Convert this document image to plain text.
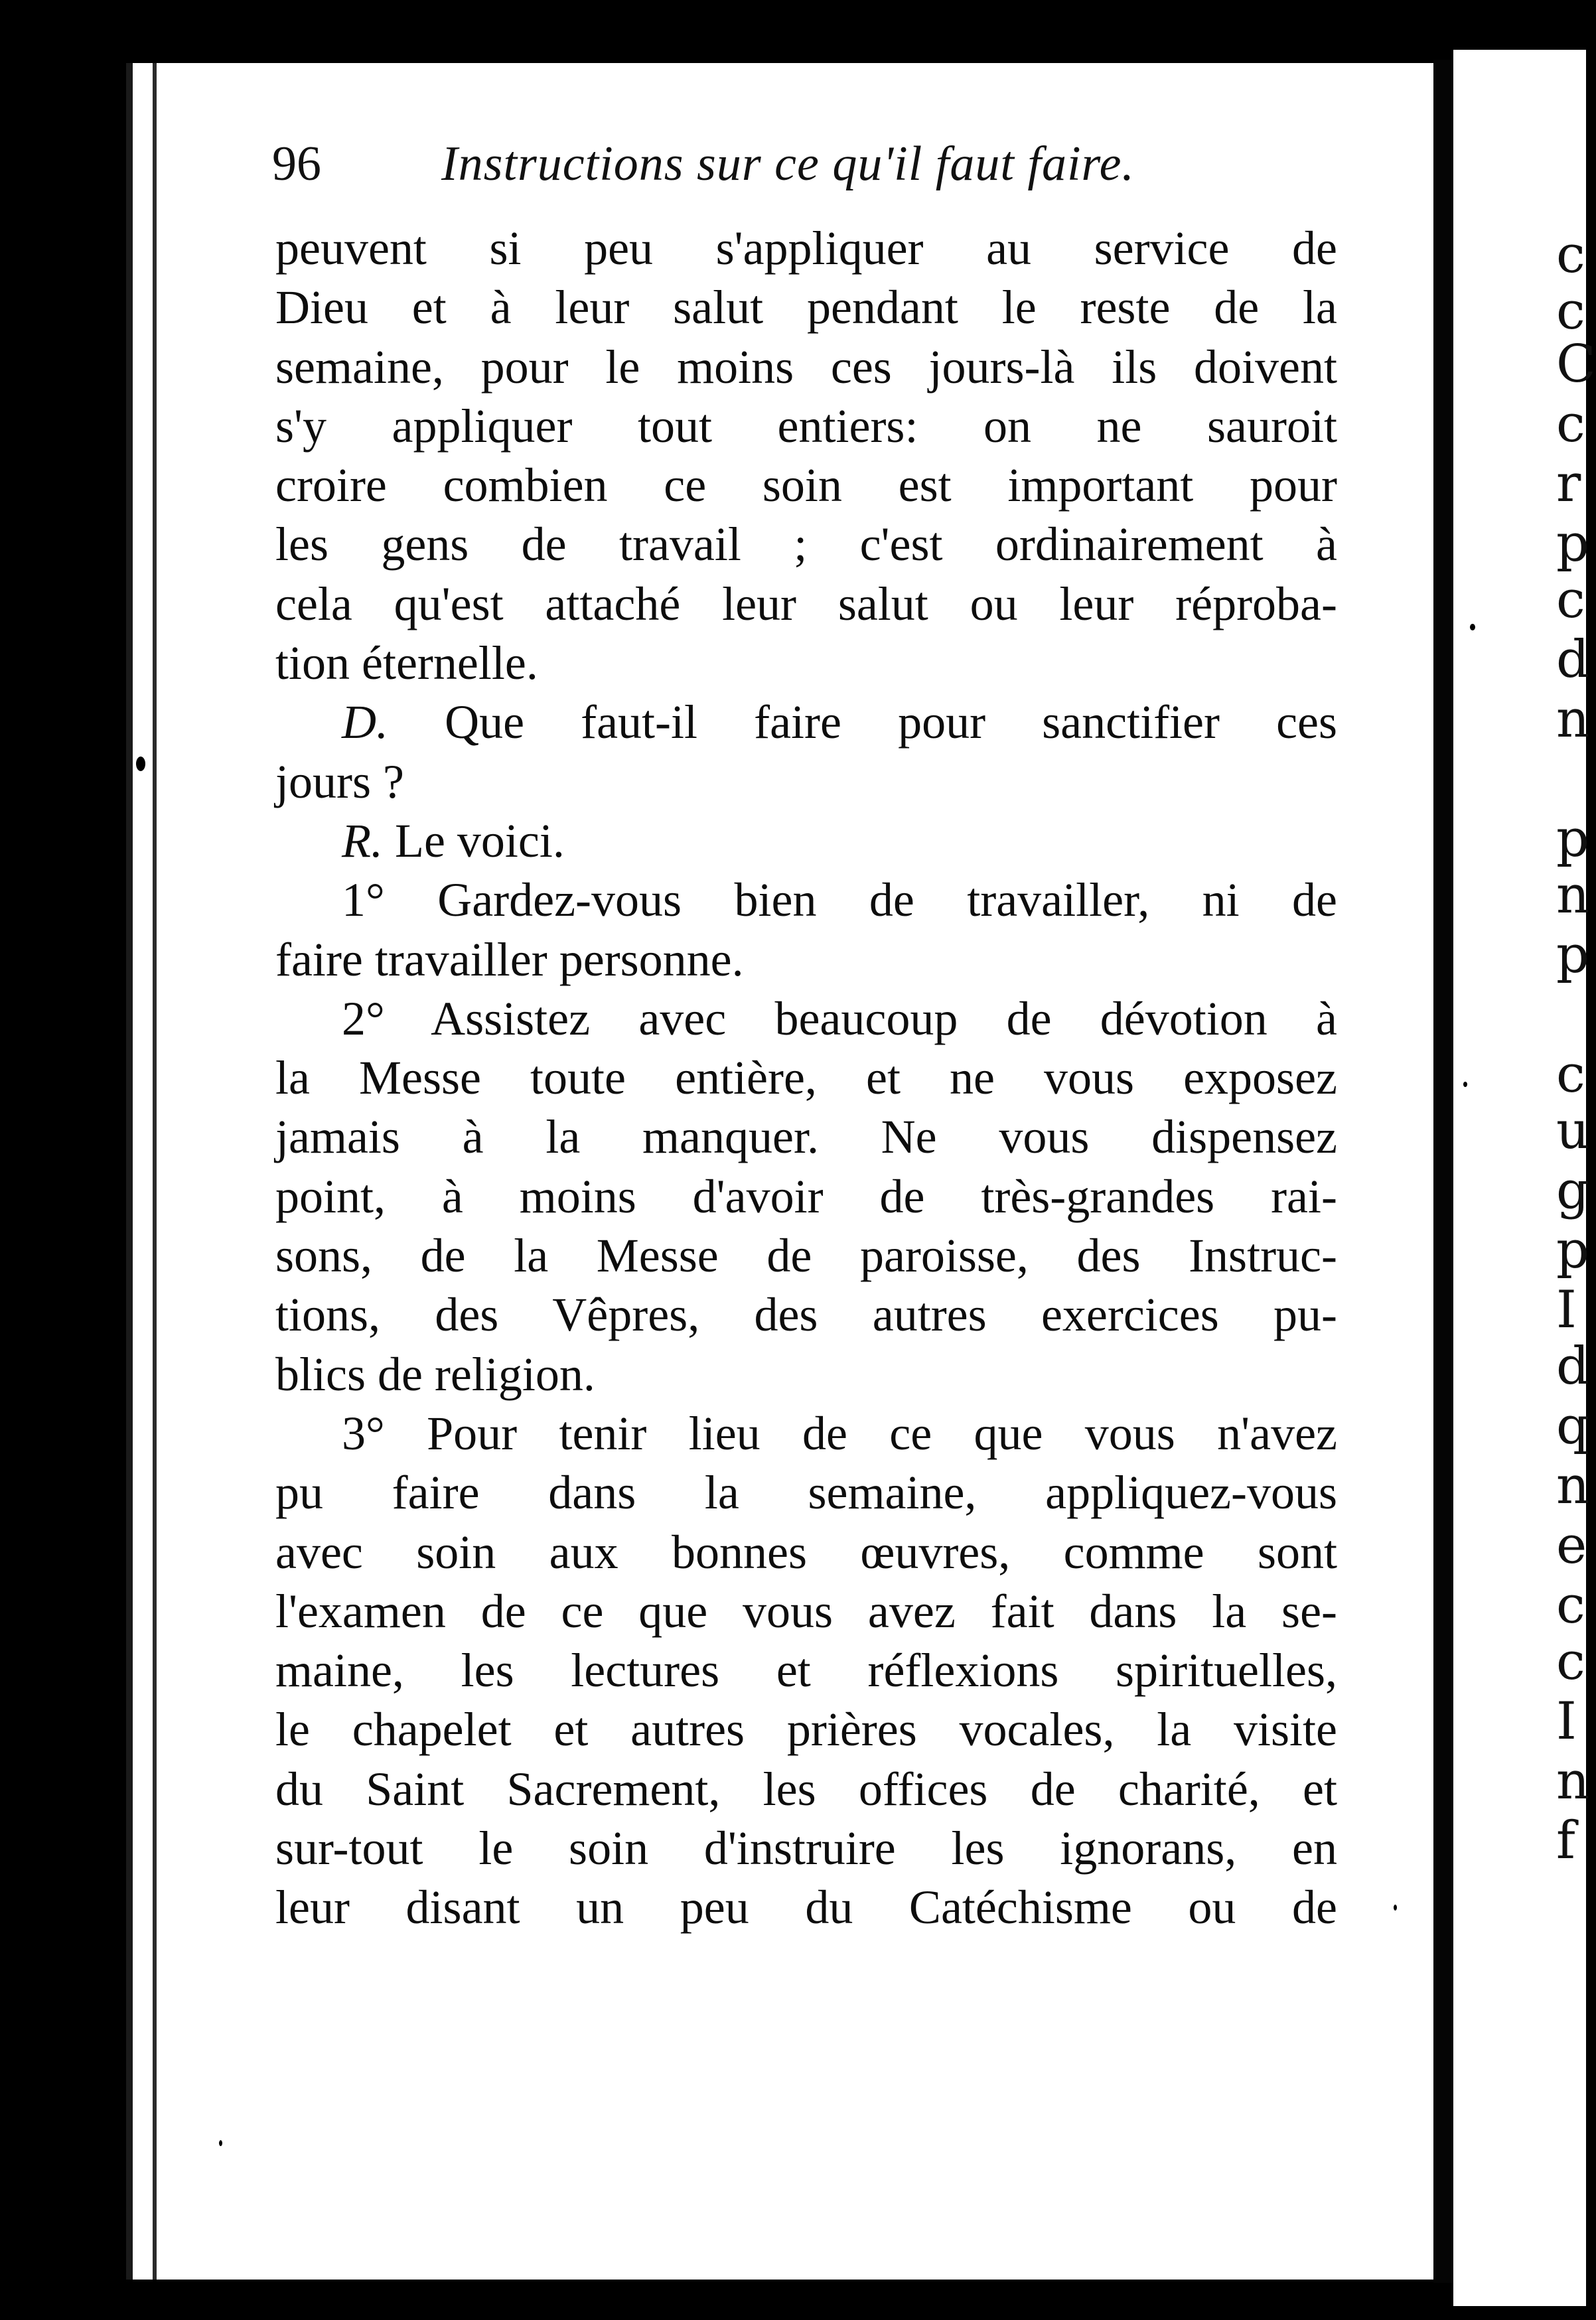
c
c
C
c
r
p
c
d
n
p
n
p
c
u
g
p
I
d
q
n
e
c
c
I
n
f
96 Instructions sur ce qu'il faut faire.
peuvent si peu s'appliquer au service de
Dieu et à leur salut pendant le reste de la
semaine, pour le moins ces jours-là ils doivent
s'y appliquer tout entiers: on ne sauroit
croire combien ce soin est important pour
les gens de travail ; c'est ordinairement à
cela qu'est attaché leur salut ou leur réproba-
tion éternelle.
D. Que faut-il faire pour sanctifier ces
jours ?
R. Le voici.
1° Gardez-vous bien de travailler, ni de
faire travailler personne.
2° Assistez avec beaucoup de dévotion à
la Messe toute entière, et ne vous exposez
jamais à la manquer. Ne vous dispensez
point, à moins d'avoir de très-grandes rai-
sons, de la Messe de paroisse, des Instruc-
tions, des Vêpres, des autres exercices pu-
blics de religion.
3° Pour tenir lieu de ce que vous n'avez
pu faire dans la semaine, appliquez-vous
avec soin aux bonnes œuvres, comme sont
l'examen de ce que vous avez fait dans la se-
maine, les lectures et réflexions spirituelles,
le chapelet et autres prières vocales, la visite
du Saint Sacrement, les offices de charité, et
sur-tout le soin d'instruire les ignorans, en
leur disant un peu du Catéchisme ou de
